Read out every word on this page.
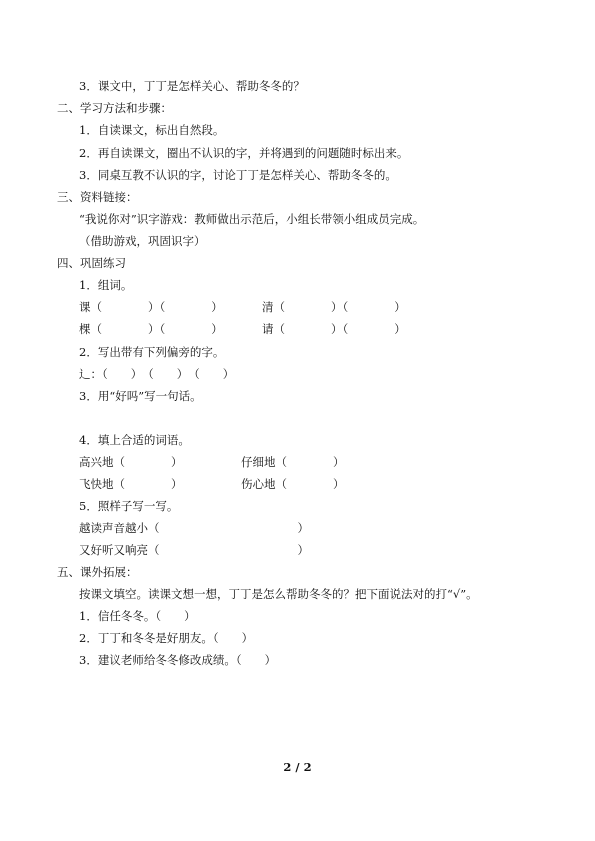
3．课文中，丁丁是怎样关心、帮助冬冬的？
二、学习方法和步骤：
1．自读课文，标出自然段。
2．再自读课文，圈出不认识的字，并将遇到的问题随时标出来。
3．同桌互教不认识的字，讨论丁丁是怎样关心、帮助冬冬的。
三、资料链接：
“我说你对”识字游戏：教师做出示范后，小组长带领小组成员完成。
（借助游戏，巩固识字）
四、巩固练习
1．组词。
课（　　　　）（　　　　）	清（　　　　）（　　　　）
棵（　　　　）（　　　　）	请（　　　　）（　　　　）
2．写出带有下列偏旁的字。
辶：（　　）　（　　）　（　　）
3．用“好吗”写一句话。
4．填上合适的词语。
高兴地（　　　　）	仔细地（　　　　）
飞快地（　　　　）	伤心地（　　　　）
5．照样子写一写。
越读声音越小（　　　　　　　　　　　　）
又好听又响亮（　　　　　　　　　　　　）
五、课外拓展：
按课文填空。读课文想一想，丁丁是怎么帮助冬冬的？把下面说法对的打“√”。
1．信任冬冬。（　　）
2．丁丁和冬冬是好朋友。（　　）
3．建议老师给冬冬修改成绩。（　　）
2 / 2
